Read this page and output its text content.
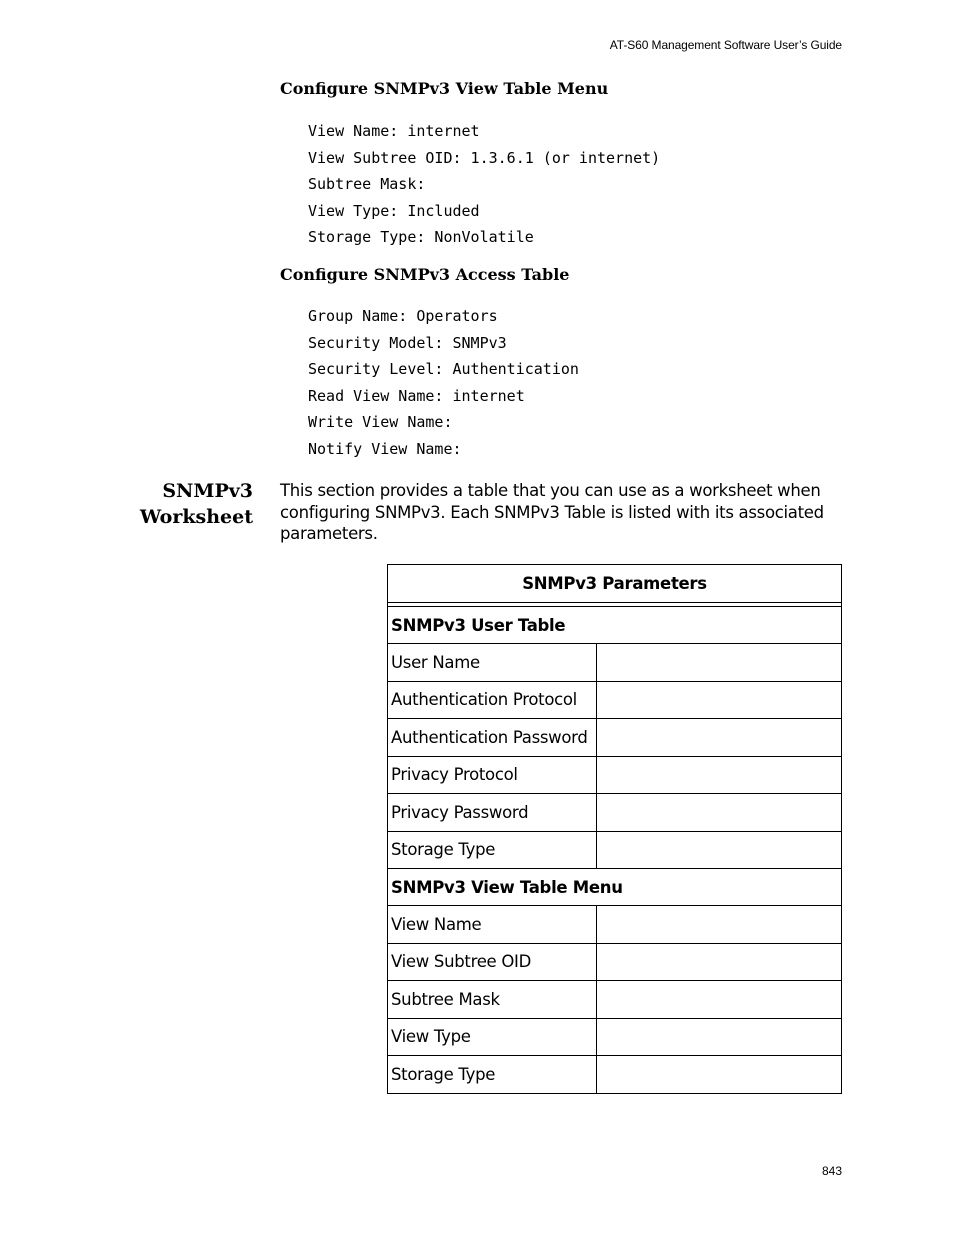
AT-S60 Management Software User’s Guide
Configure SNMPv3 View Table Menu
View Name: internet
View Subtree OID: 1.3.6.1 (or internet)
Subtree Mask:
View Type: Included
Storage Type: NonVolatile
Configure SNMPv3 Access Table
Group Name: Operators
Security Model: SNMPv3
Security Level: Authentication
Read View Name: internet
Write View Name:
Notify View Name:
SNMPv3
Worksheet

This section provides a table that you can use as a worksheet when configuring SNMPv3. Each SNMPv3 Table is listed with its associated parameters.

SNMPv3 Parameters	

SNMPv3 User Table	
User Name	
Authentication Protocol	
Authentication Password	
Privacy Protocol	
Privacy Password	
Storage Type	
SNMPv3 View Table Menu	
View Name	
View Subtree OID	
Subtree Mask	
View Type	
Storage Type	
843
